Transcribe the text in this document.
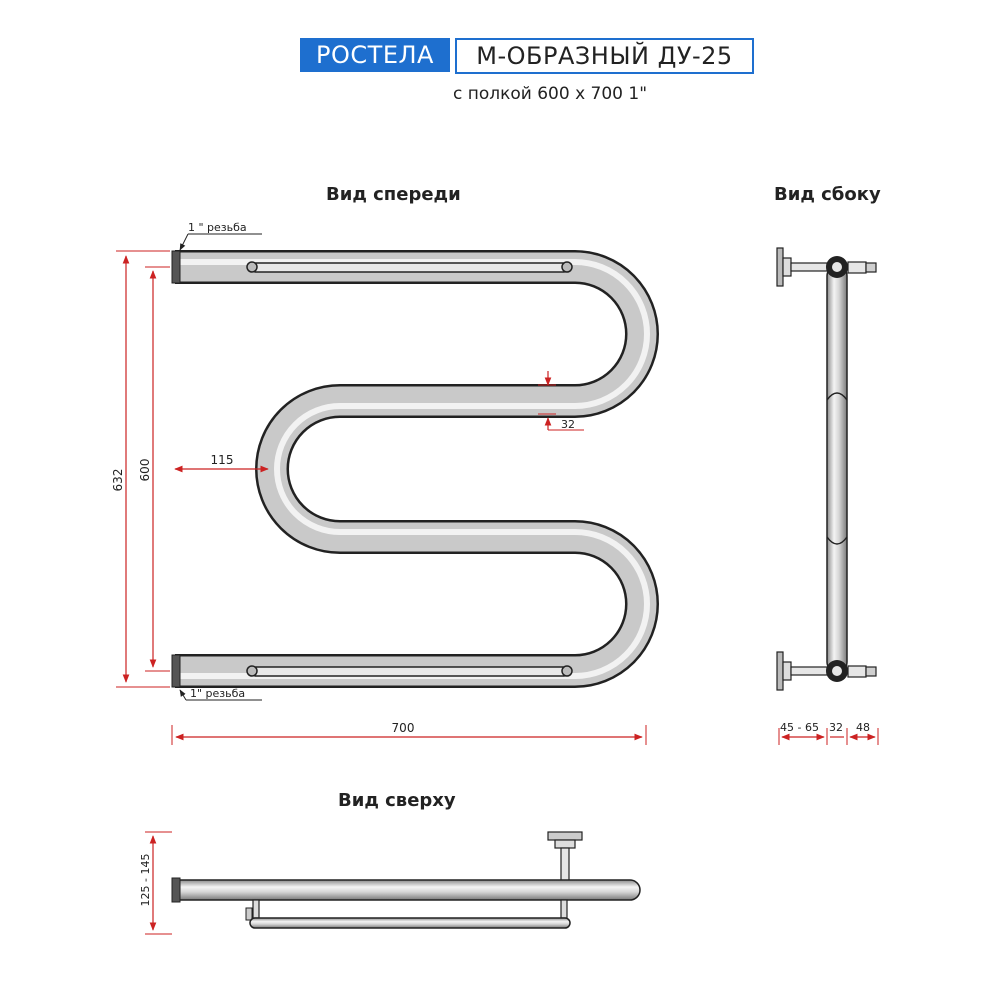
РОСТЕЛА	М-ОБРАЗНЫЙ ДУ-25
с полкой 600 х 700 1"
Вид спереди	Вид сбоку
Вид сверху
1 " резьба
1" резьба
632 600	115
32
700	45 - 65 32 48
125 - 145
